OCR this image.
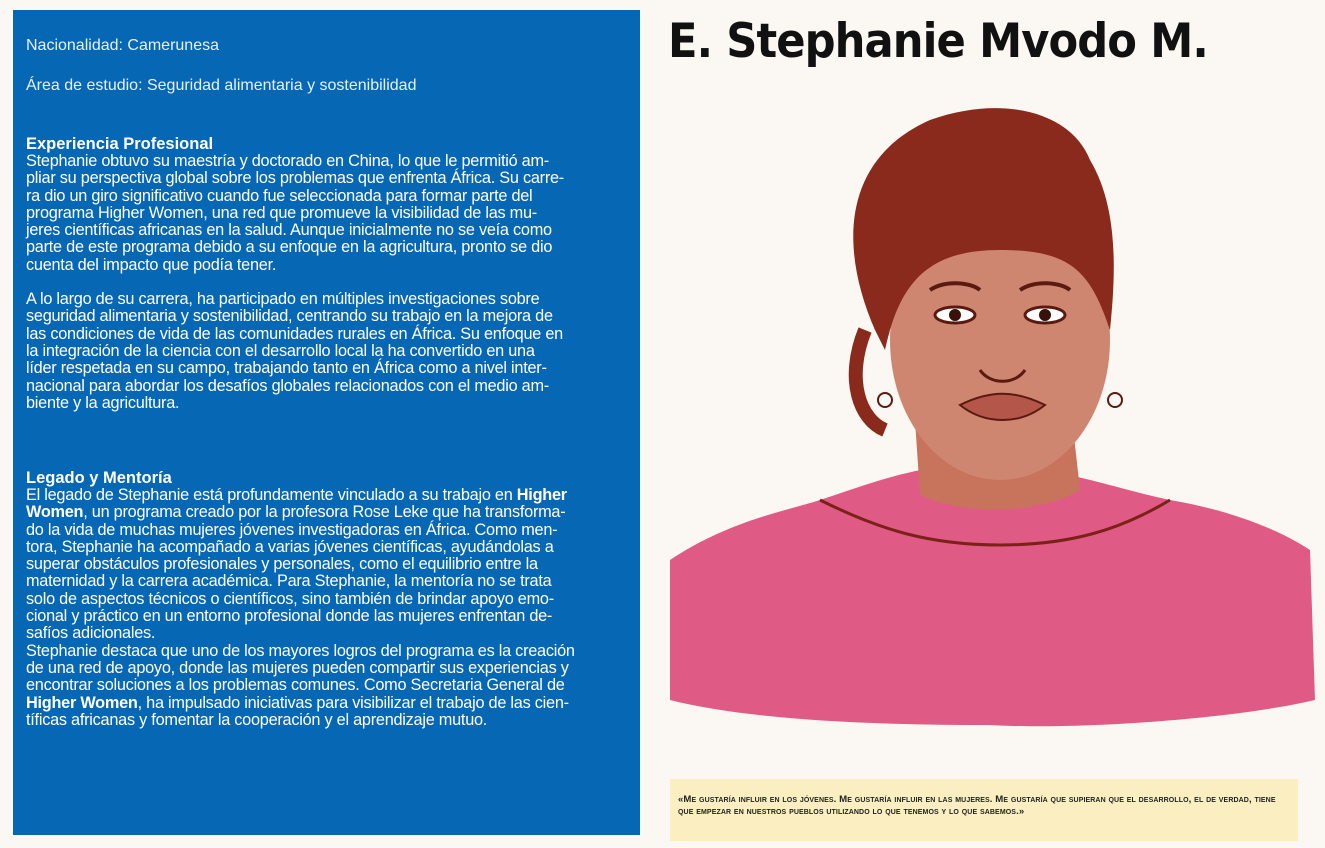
Nacionalidad: Camerunesa
Área de estudio: Seguridad alimentaria y sostenibilidad
Experiencia Profesional
Stephanie obtuvo su maestría y doctorado en China, lo que le permitió am-
pliar su perspectiva global sobre los problemas que enfrenta África. Su carre-
ra dio un giro significativo cuando fue seleccionada para formar parte del
programa Higher Women, una red que promueve la visibilidad de las mu-
jeres científicas africanas en la salud. Aunque inicialmente no se veía como
parte de este programa debido a su enfoque en la agricultura, pronto se dio
cuenta del impacto que podía tener.
A lo largo de su carrera, ha participado en múltiples investigaciones sobre
seguridad alimentaria y sostenibilidad, centrando su trabajo en la mejora de
las condiciones de vida de las comunidades rurales en África. Su enfoque en
la integración de la ciencia con el desarrollo local la ha convertido en una
líder respetada en su campo, trabajando tanto en África como a nivel inter-
nacional para abordar los desafíos globales relacionados con el medio am-
biente y la agricultura.
Legado y Mentoría
El legado de Stephanie está profundamente vinculado a su trabajo en Higher
Women, un programa creado por la profesora Rose Leke que ha transforma-
do la vida de muchas mujeres jóvenes investigadoras en África. Como men-
tora, Stephanie ha acompañado a varias jóvenes científicas, ayudándolas a
superar obstáculos profesionales y personales, como el equilibrio entre la
maternidad y la carrera académica. Para Stephanie, la mentoría no se trata
solo de aspectos técnicos o científicos, sino también de brindar apoyo emo-
cional y práctico en un entorno profesional donde las mujeres enfrentan de-
safíos adicionales.
Stephanie destaca que uno de los mayores logros del programa es la creación
de una red de apoyo, donde las mujeres pueden compartir sus experiencias y
encontrar soluciones a los problemas comunes. Como Secretaria General de
Higher Women, ha impulsado iniciativas para visibilizar el trabajo de las cien-
tíficas africanas y fomentar la cooperación y el aprendizaje mutuo.
E. Stephanie Mvodo M.

«Me gustaría influir en los jóvenes. Me gustaría influir en las mujeres. Me gustaría que supieran que el desarrollo, el de verdad, tiene que empezar en nuestros pueblos utilizando lo que tenemos y lo que sabemos.»
